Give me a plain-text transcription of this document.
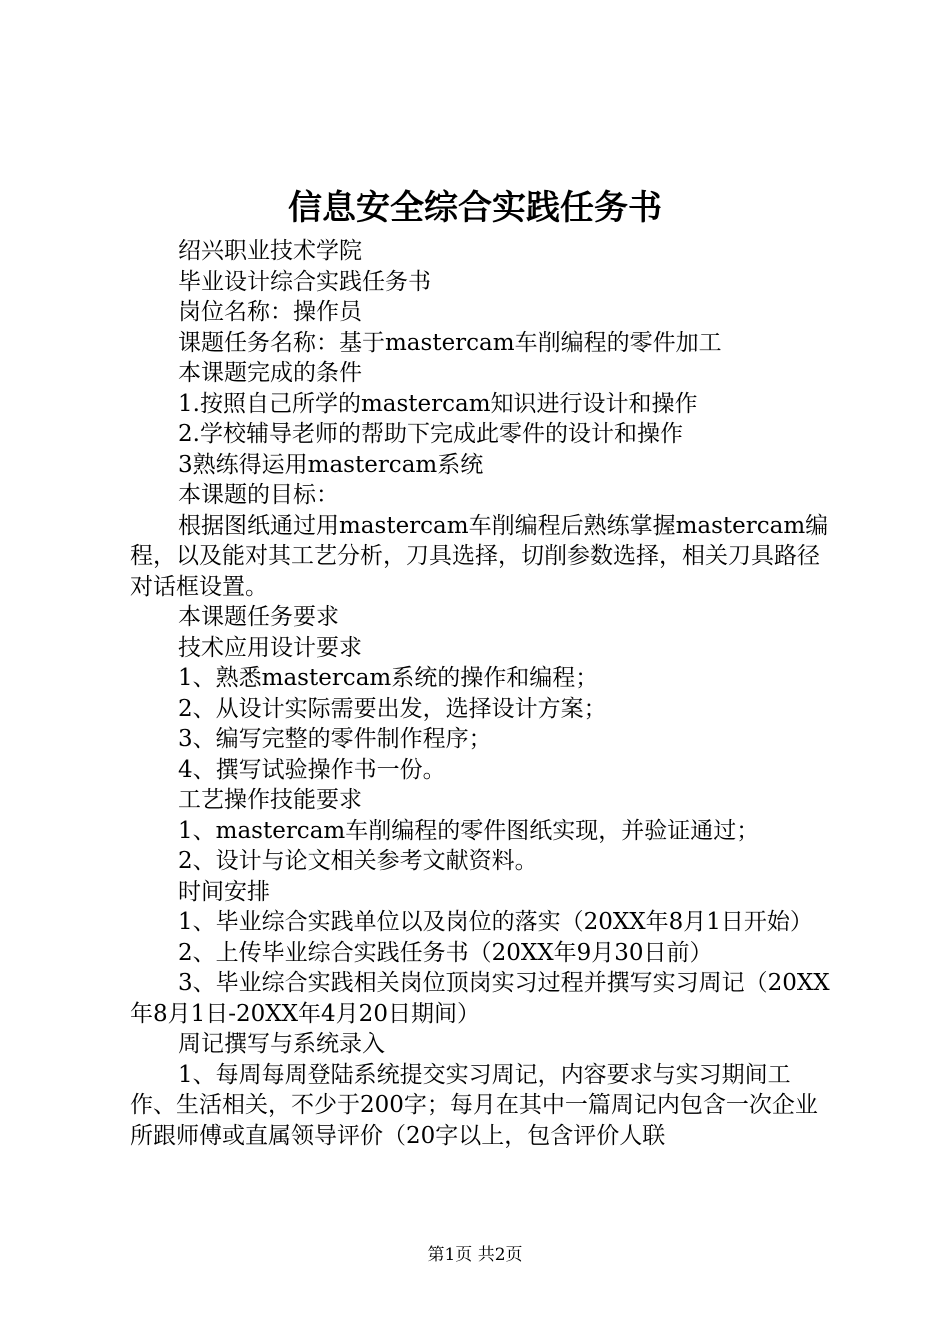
信息安全综合实践任务书

绍兴职业技术学院

毕业设计综合实践任务书

岗位名称：操作员

课题任务名称：基于mastercam车削编程的零件加工

本课题完成的条件

1.按照自己所学的mastercam知识进行设计和操作

2.学校辅导老师的帮助下完成此零件的设计和操作

3熟练得运用mastercam系统

本课题的目标：

根据图纸通过用mastercam车削编程后熟练掌握mastercam编程，以及能对其工艺分析，刀具选择，切削参数选择，相关刀具路径对话框设置。

本课题任务要求

技术应用设计要求

1、熟悉mastercam系统的操作和编程；

2、从设计实际需要出发，选择设计方案；

3、编写完整的零件制作程序；

4、撰写试验操作书一份。

工艺操作技能要求

1、mastercam车削编程的零件图纸实现，并验证通过；

2、设计与论文相关参考文献资料。

时间安排

1、毕业综合实践单位以及岗位的落实（20XX年8月1日开始）

2、上传毕业综合实践任务书（20XX年9月30日前）

3、毕业综合实践相关岗位顶岗实习过程并撰写实习周记（20XX年8月1日-20XX年4月20日期间）

周记撰写与系统录入

1、每周每周登陆系统提交实习周记，内容要求与实习期间工作、生活相关，不少于200字；每月在其中一篇周记内包含一次企业所跟师傅或直属领导评价（20字以上，包含评价人联

第1页 共2页
